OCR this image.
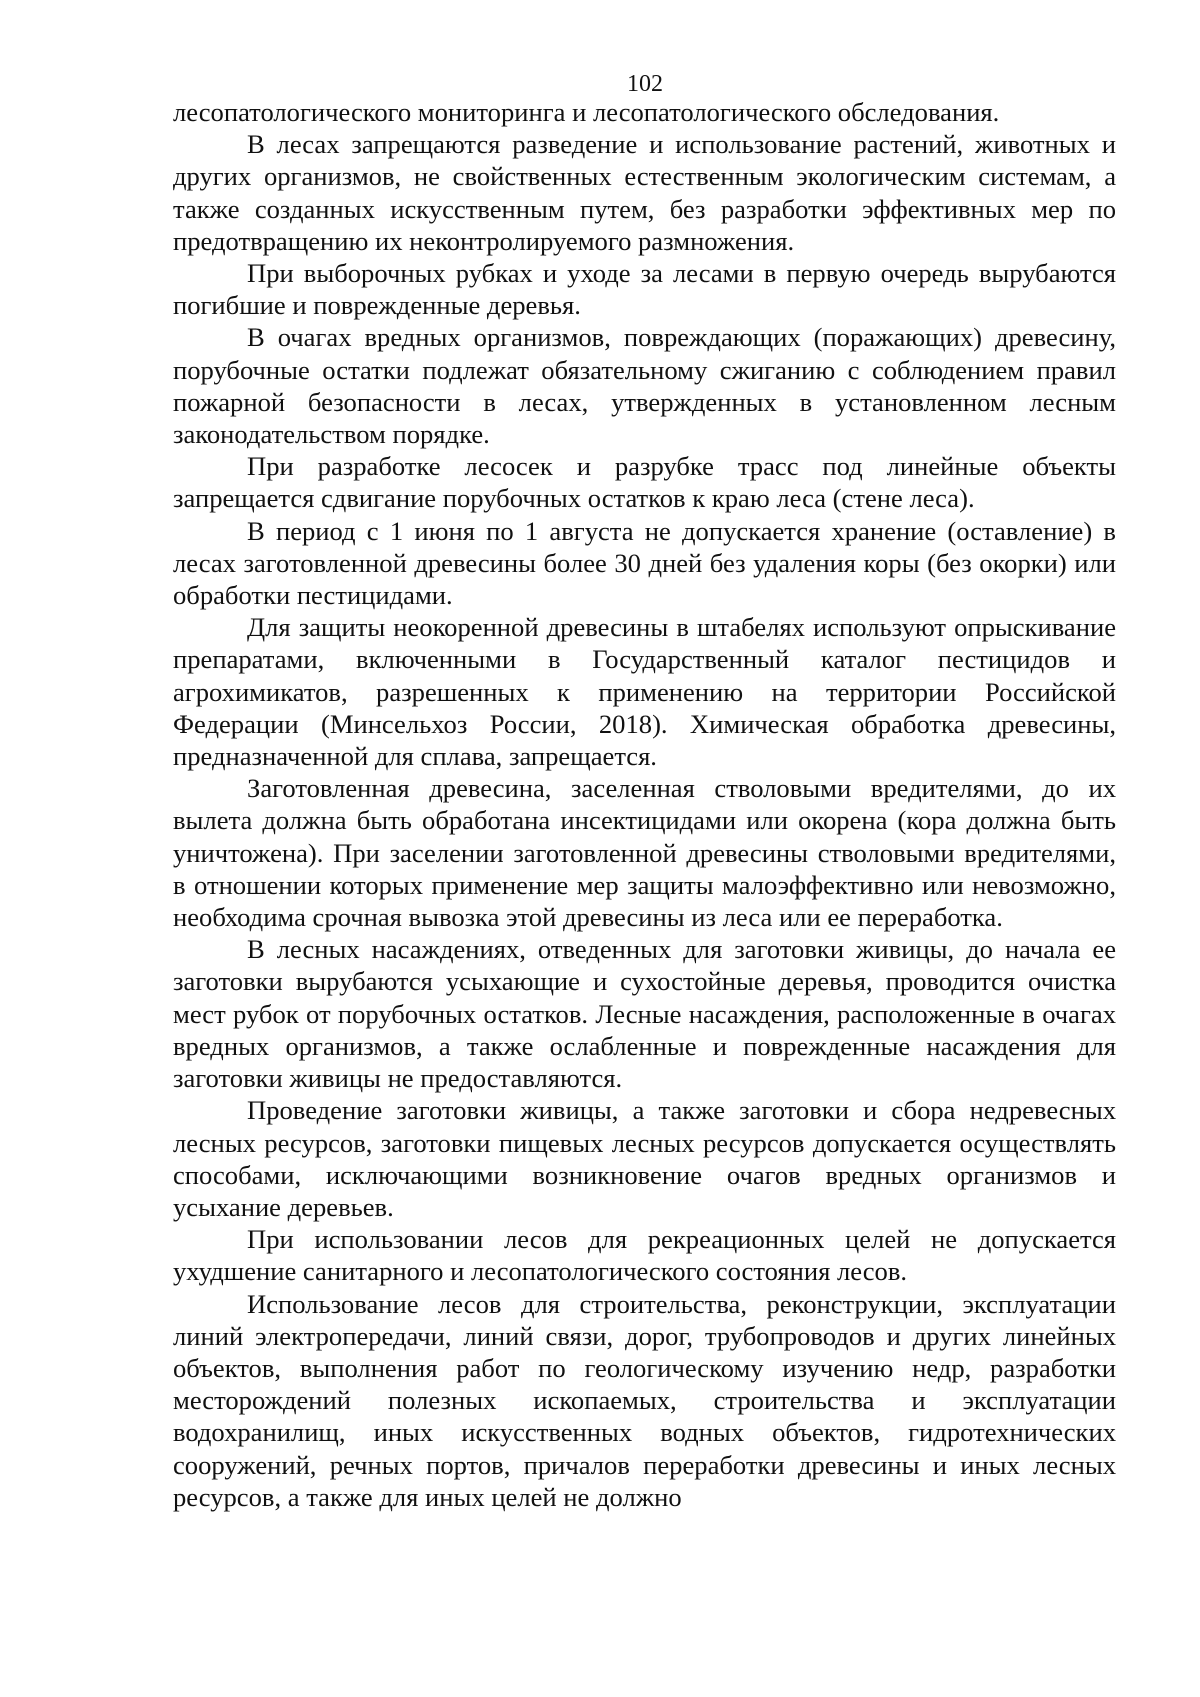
102

лесопатологического мониторинга и лесопатологического обследования.

В лесах запрещаются разведение и использование растений, животных и других организмов, не свойственных естественным экологическим системам, а также созданных искусственным путем, без разработки эффективных мер по предотвращению их неконтролируемого размножения.

При выборочных рубках и уходе за лесами в первую очередь вырубаются погибшие и поврежденные деревья.

В очагах вредных организмов, повреждающих (поражающих) древесину, порубочные остатки подлежат обязательному сжиганию с соблюдением правил пожарной безопасности в лесах, утвержденных в установленном лесным законодательством порядке.

При разработке лесосек и разрубке трасс под линейные объекты запрещается сдвигание порубочных остатков к краю леса (стене леса).

В период с 1 июня по 1 августа не допускается хранение (оставление) в лесах заготовленной древесины более 30 дней без удаления коры (без окорки) или обработки пестицидами.

Для защиты неокоренной древесины в штабелях используют опрыскивание препаратами, включенными в Государственный каталог пестицидов и агрохимикатов, разрешенных к применению на территории Российской Федерации (Минсельхоз России, 2018). Химическая обработка древесины, предназначенной для сплава, запрещается.

Заготовленная древесина, заселенная стволовыми вредителями, до их вылета должна быть обработана инсектицидами или окорена (кора должна быть уничтожена). При заселении заготовленной древесины стволовыми вредителями, в отношении которых применение мер защиты малоэффективно или невозможно, необходима срочная вывозка этой древесины из леса или ее переработка.

В лесных насаждениях, отведенных для заготовки живицы, до начала ее заготовки вырубаются усыхающие и сухостойные деревья, проводится очистка мест рубок от порубочных остатков. Лесные насаждения, расположенные в очагах вредных организмов, а также ослабленные и поврежденные насаждения для заготовки живицы не предоставляются.

Проведение заготовки живицы, а также заготовки и сбора недревесных лесных ресурсов, заготовки пищевых лесных ресурсов допускается осуществлять способами, исключающими возникновение очагов вредных организмов и усыхание деревьев.

При использовании лесов для рекреационных целей не допускается ухудшение санитарного и лесопатологического состояния лесов.

Использование лесов для строительства, реконструкции, эксплуатации линий электропередачи, линий связи, дорог, трубопроводов и других линейных объектов, выполнения работ по геологическому изучению недр, разработки месторождений полезных ископаемых, строительства и эксплуатации водохранилищ, иных искусственных водных объектов, гидротехнических сооружений, речных портов, причалов переработки древесины и иных лесных ресурсов, а также для иных целей не должно
